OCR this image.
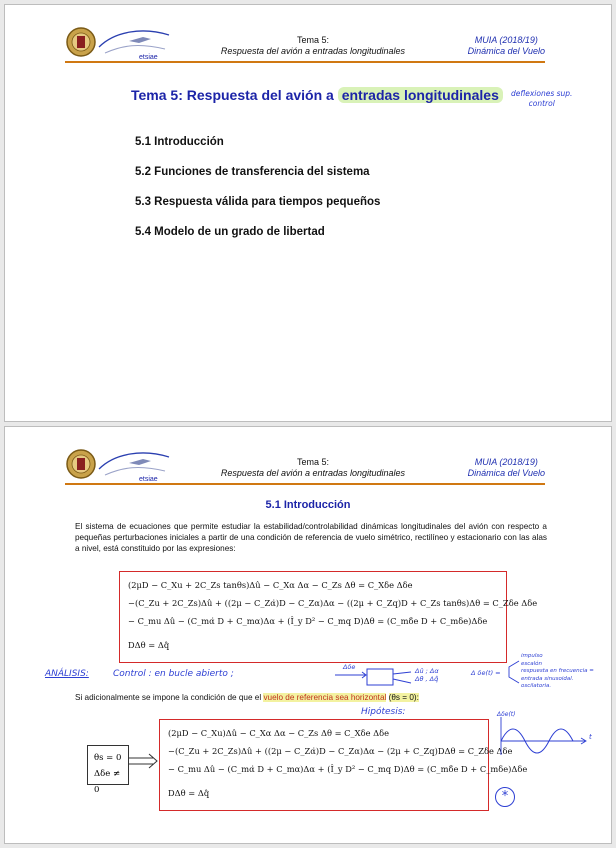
etsiae
Tema 5:
Respuesta del avión a entradas longitudinales
MUIA (2018/19)
Dinámica del Vuelo
Tema 5: Respuesta del avión a entradas longitudinales	deflexiones sup.
control
5.1 Introducción
5.2 Funciones de transferencia del sistema
5.3 Respuesta válida para tiempos pequeños
5.4 Modelo de un grado de libertad
etsiae
Tema 5:
Respuesta del avión a entradas longitudinales
MUIA (2018/19)
Dinámica del Vuelo
5.1 Introducción
El sistema de ecuaciones que permite estudiar la estabilidad/controlabilidad dinámicas longitudinales del avión con respecto a pequeñas perturbaciones iniciales a partir de una condición de referencia de vuelo simétrico, rectilíneo y estacionario con las alas a nivel, está constituido por las expresiones:
(2μD − C_Xu + 2C_Zs tanθs)Δû − C_Xα Δα − C_Zs Δθ = C_Xδe Δδe
−(C_Zu + 2C_Zs)Δû + ((2μ − C_Zα̇)D − C_Zα)Δα − ((2μ + C_Zq)D + C_Zs tanθs)Δθ = C_Zδe Δδe
− C_mu Δû − (C_mα̇ D + C_mα)Δα + (Î_y D² − C_mq D)Δθ = (C_mδ̇e D + C_mδe)Δδe
DΔθ = Δq̂
ANÁLISIS:	Control : en bucle abierto ;
Δδe	Δû ; Δα
Δθ , Δq̂
Δ δe(t) =
impulso
escalón
respuesta en frecuencia = entrada sinusoidal.
oscilatoria.
Si adicionalmente se impone la condición de que el vuelo de referencia sea horizontal (θs = 0):
Hipótesis:
θs = 0
Δδe ≠ 0
(2μD − C_Xu)Δû − C_Xα Δα − C_Zs Δθ = C_Xδe Δδe
−(C_Zu + 2C_Zs)Δû + ((2μ − C_Zα̇)D − C_Zα)Δα − (2μ + C_Zq)DΔθ = C_Zδe Δδe
− C_mu Δû − (C_mα̇ D + C_mα)Δα + (Î_y D² − C_mq D)Δθ = (C_mδ̇e D + C_mδe)Δδe
DΔθ = Δq̂
Δδe(t)
t
*
